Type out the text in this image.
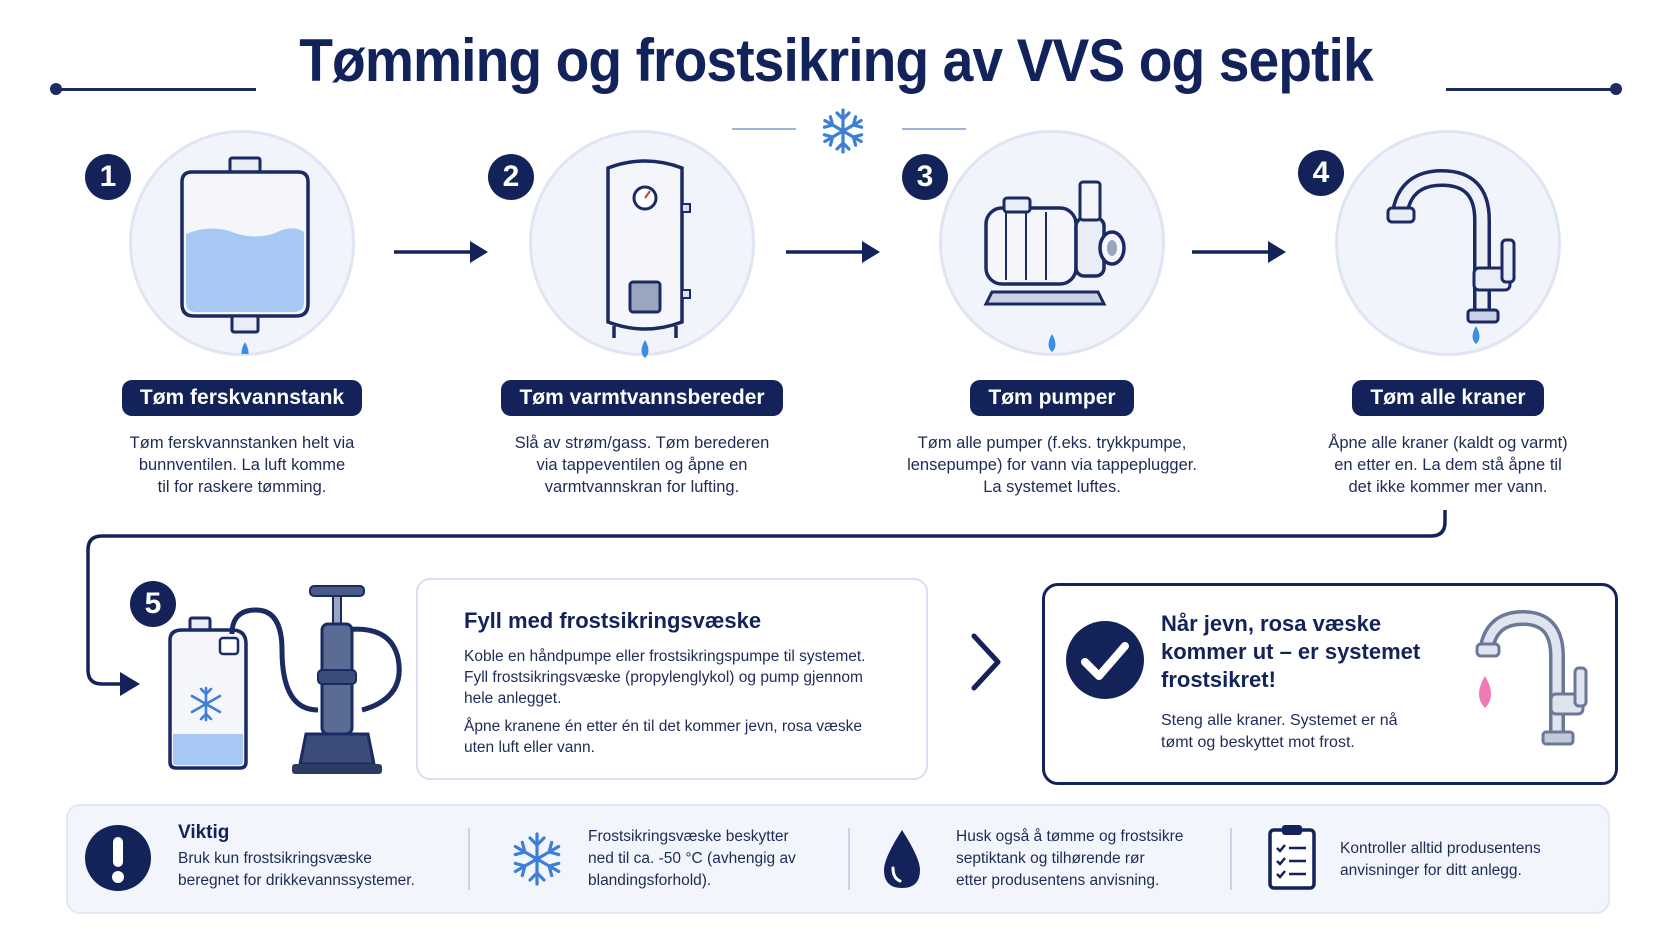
Tømming og frostsikring av VVS og septik
1
Tøm ferskvannstank
Tøm ferskvannstanken helt via
bunnventilen. La luft komme
til for raskere tømming.
2
Tøm varmtvannsbereder
Slå av strøm/gass. Tøm berederen
via tappeventilen og åpne en
varmtvannskran for lufting.
3
Tøm pumper
Tøm alle pumper (f.eks. trykkpumpe,
lensepumpe) for vann via tappeplugger.
La systemet luftes.
4
Tøm alle kraner
Åpne alle kraner (kaldt og varmt)
en etter en. La dem stå åpne til
det ikke kommer mer vann.
5
Fyll med frostsikringsvæske
Koble en håndpumpe eller frostsikringspumpe til systemet.
Fyll frostsikringsvæske (propylenglykol) og pump gjennom
hele anlegget.
Åpne kranene én etter én til det kommer jevn, rosa væske
uten luft eller vann.
Når jevn, rosa væske
kommer ut – er systemet
frostsikret!
Steng alle kraner. Systemet er nå
tømt og beskyttet mot frost.
Viktig
Bruk kun frostsikringsvæske
beregnet for drikkevannssystemer.
Frostsikringsvæske beskytter
ned til ca. -50 °C (avhengig av
blandingsforhold).
Husk også å tømme og frostsikre
septiktank og tilhørende rør
etter produsentens anvisning.
Kontroller alltid produsentens
anvisninger for ditt anlegg.
